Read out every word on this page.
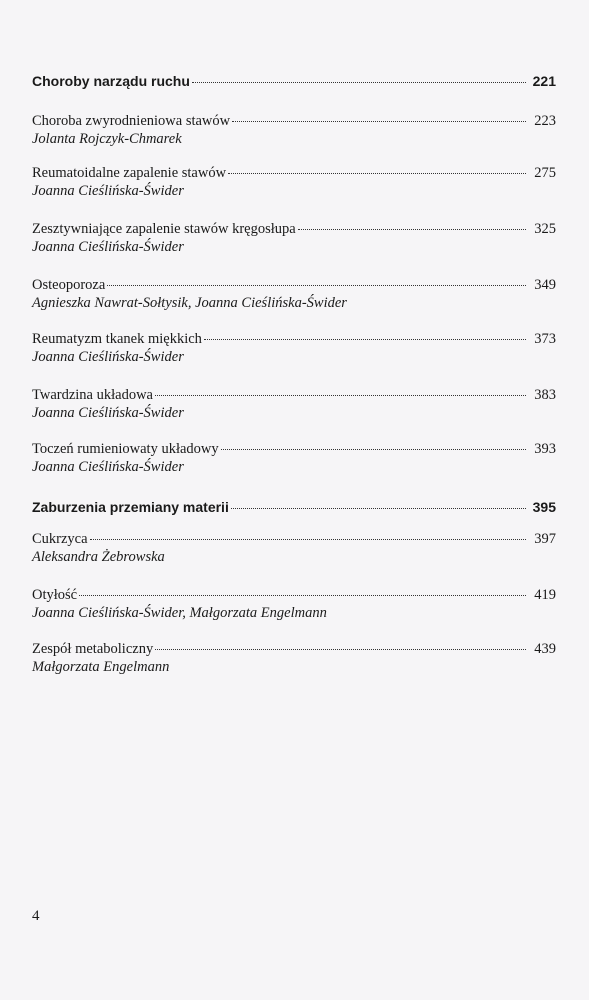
Choroby narządu ruchu	221
Choroba zwyrodnieniowa stawów	223
Jolanta Rojczyk-Chmarek
Reumatoidalne zapalenie stawów	275
Joanna Cieślińska-Świder
Zesztywniające zapalenie stawów kręgosłupa	325
Joanna Cieślińska-Świder
Osteoporoza	349
Agnieszka Nawrat-Sołtysik, Joanna Cieślińska-Świder
Reumatyzm tkanek miękkich	373
Joanna Cieślińska-Świder
Twardzina układowa	383
Joanna Cieślińska-Świder
Toczeń rumieniowaty układowy	393
Joanna Cieślińska-Świder
Zaburzenia przemiany materii	395
Cukrzyca	397
Aleksandra Żebrowska
Otyłość	419
Joanna Cieślińska-Świder, Małgorzata Engelmann
Zespół metaboliczny	439
Małgorzata Engelmann
4
